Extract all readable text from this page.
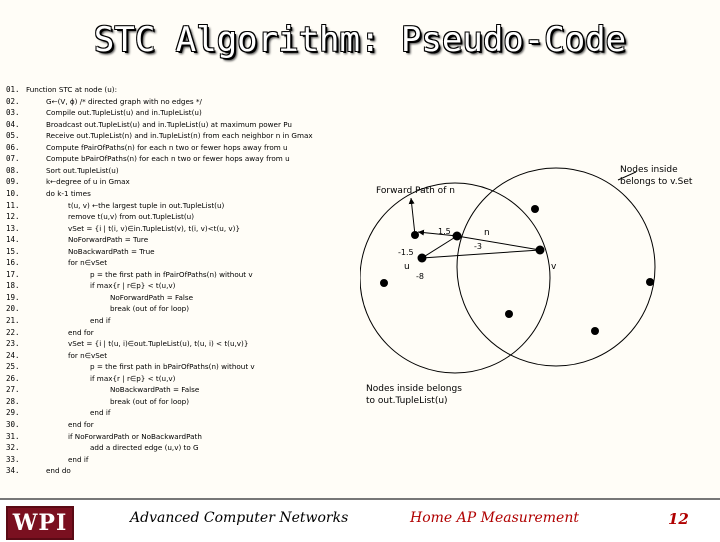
STC Algorithm: Pseudo-Code
01. Function STC at node (u):
02.	G←(V, ϕ) /* directed graph with no edges */
03.	Compile out.TupleList(u) and in.TupleList(u)
04.	Broadcast out.TupleList(u) and in.TupleList(u) at maximum power Pu
05.	Receive out.TupleList(n) and in.TupleList(n) from each neighbor n in Gmax
06.	Compute fPairOfPaths(n) for each n two or fewer hops away from u
07.	Compute bPairOfPaths(n) for each n two or fewer hops away from u
08.	Sort out.TupleList(u)
09.	k←degree of u in Gmax
10.	do k-1 times
11.	t(u, v) ←the largest tuple in out.TupleList(u)
12.	remove t(u,v) from out.TupleList(u)
13.	vSet = {i | t(i, v)∈in.TupleList(v), t(i, v)<t(u, v)}
14.	NoForwardPath = Ture
15.	NoBackwardPath = True
16.	for n∈vSet
17.	p = the first path in fPairOfPaths(n) without v
18.	if max{r | r∈p} < t(u,v)
19.	NoForwardPath = False
20.	break (out of for loop)
21.	end if
22.	end for
23.	vSet = {i | t(u, i)∈out.TupleList(u), t(u, i) < t(u,v)}
24.	for n∈vSet
25.	p = the first path in bPairOfPaths(n) without v
26.	if max{r | r∈p} < t(u,v)
27.	NoBackwardPath = False
28.	break (out of for loop)
29.	end if
30.	end for
31.	if NoForwardPath or NoBackwardPath
32.	add a directed edge (u,v) to G
33.	end if
34.	end do
Forward.Path of n
u	v
n
1.5
-1.5
-3
-8
Nodes inside
belongs to v.Set
Nodes inside belongs
to out.TupleList(u)
WPI	Advanced Computer Networks	Home AP Measurement	12
